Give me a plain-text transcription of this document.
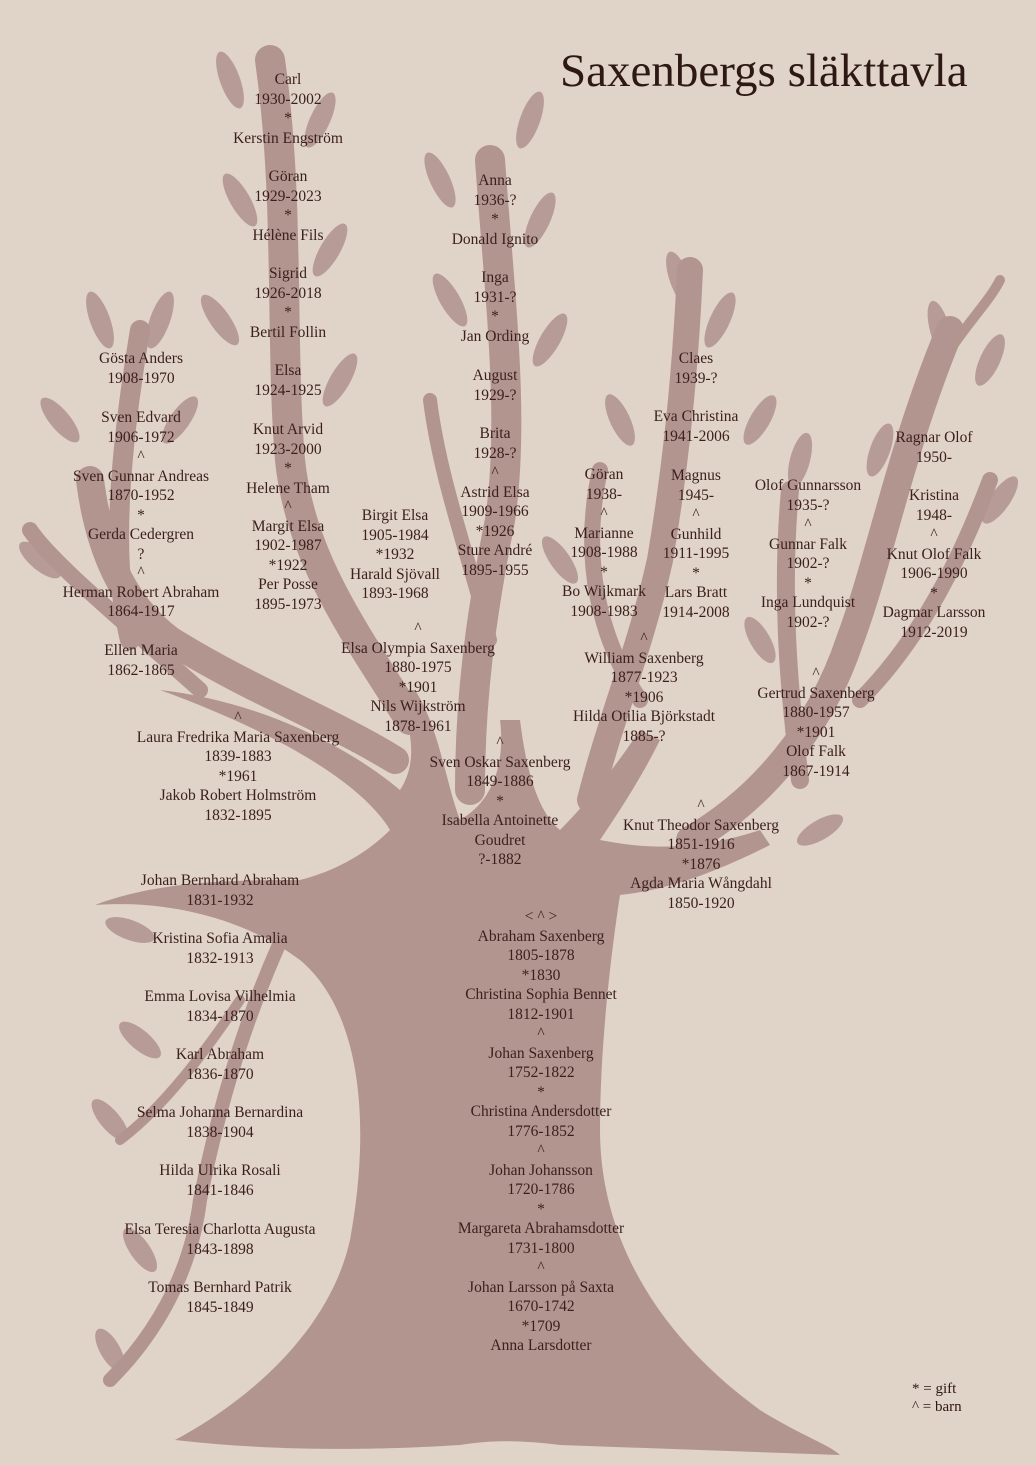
Saxenbergs släkttavla
Carl
1930-2002
*
Kerstin Engström
Göran
1929-2023
*
Hélène Fils
Sigrid
1926-2018
*
Bertil Follin
Elsa
1924-1925
Knut Arvid
1923-2000
*
Helene Tham
^
Margit Elsa
1902-1987
*1922
Per Posse
1895-1973
Anna
1936-?
*
Donald Ignito
Inga
1931-?
*
Jan Ording
August
1929-?
Brita
1928-?
^
Astrid Elsa
1909-1966
*1926
Sture André
1895-1955
Gösta Anders
1908-1970
Sven Edvard
1906-1972
^
Sven Gunnar Andreas
1870-1952
*
Gerda Cedergren
?
^
Herman Robert Abraham
1864-1917
Ellen Maria
1862-1865
Birgit Elsa
1905-1984
*1932
Harald Sjövall
1893-1968
^
Elsa Olympia Saxenberg
1880-1975
*1901
Nils Wijkström
1878-1961
Göran
1938-
^
Marianne
1908-1988
*
Bo Wijkmark
1908-1983
Claes
1939-?
Eva Christina
1941-2006
Magnus
1945-
^
Gunhild
1911-1995
*
Lars Bratt
1914-2008
^
William Saxenberg
1877-1923
*1906
Hilda Otilia Björkstadt
1885-?
Olof Gunnarsson
1935-?
^
Gunnar Falk
1902-?
*
Inga Lundquist
1902-?
Ragnar Olof
1950-
Kristina
1948-
^
Knut Olof Falk
1906-1990
*
Dagmar Larsson
1912-2019
^
Gertrud Saxenberg
1880-1957
*1901
Olof Falk
1867-1914
^
Laura Fredrika Maria Saxenberg
1839-1883
*1961
Jakob Robert Holmström
1832-1895
^
Sven Oskar Saxenberg
1849-1886
*
Isabella Antoinette
Goudret
?-1882
^
Knut Theodor Saxenberg
1851-1916
*1876
Agda Maria Wångdahl
1850-1920
Johan Bernhard Abraham
1831-1932
Kristina Sofia Amalia
1832-1913
Emma Lovisa Vilhelmia
1834-1870
Karl Abraham
1836-1870
Selma Johanna Bernardina
1838-1904
Hilda Ulrika Rosali
1841-1846
Elsa Teresia Charlotta Augusta
1843-1898
Tomas Bernhard Patrik
1845-1849
< ^ >
Abraham Saxenberg
1805-1878
*1830
Christina Sophia Bennet
1812-1901
^
Johan Saxenberg
1752-1822
*
Christina Andersdotter
1776-1852
^
Johan Johansson
1720-1786
*
Margareta Abrahamsdotter
1731-1800
^
Johan Larsson på Saxta
1670-1742
*1709
Anna Larsdotter
* = gift
^ = barn
